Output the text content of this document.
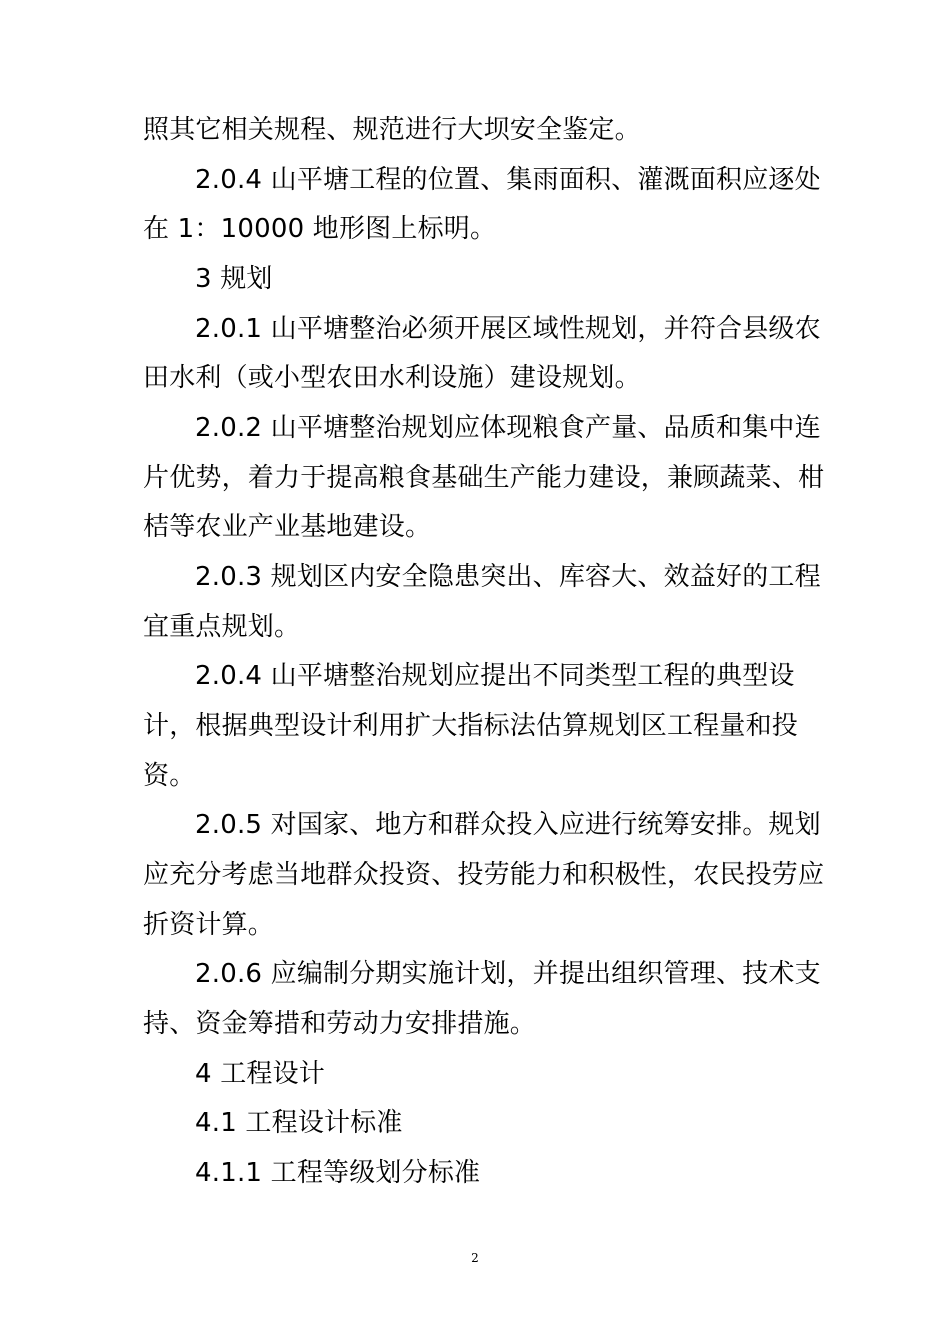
照其它相关规程、规范进行大坝安全鉴定。
2.0.4 山平塘工程的位置、集雨面积、灌溉面积应逐处
在 1：10000 地形图上标明。
3 规划
2.0.1 山平塘整治必须开展区域性规划，并符合县级农
田水利（或小型农田水利设施）建设规划。
2.0.2 山平塘整治规划应体现粮食产量、品质和集中连
片优势，着力于提高粮食基础生产能力建设，兼顾蔬菜、柑
桔等农业产业基地建设。
2.0.3 规划区内安全隐患突出、库容大、效益好的工程
宜重点规划。
2.0.4 山平塘整治规划应提出不同类型工程的典型设
计，根据典型设计利用扩大指标法估算规划区工程量和投
资。
2.0.5 对国家、地方和群众投入应进行统筹安排。规划
应充分考虑当地群众投资、投劳能力和积极性，农民投劳应
折资计算。
2.0.6 应编制分期实施计划，并提出组织管理、技术支
持、资金筹措和劳动力安排措施。
4 工程设计
4.1 工程设计标准
4.1.1 工程等级划分标准
2
